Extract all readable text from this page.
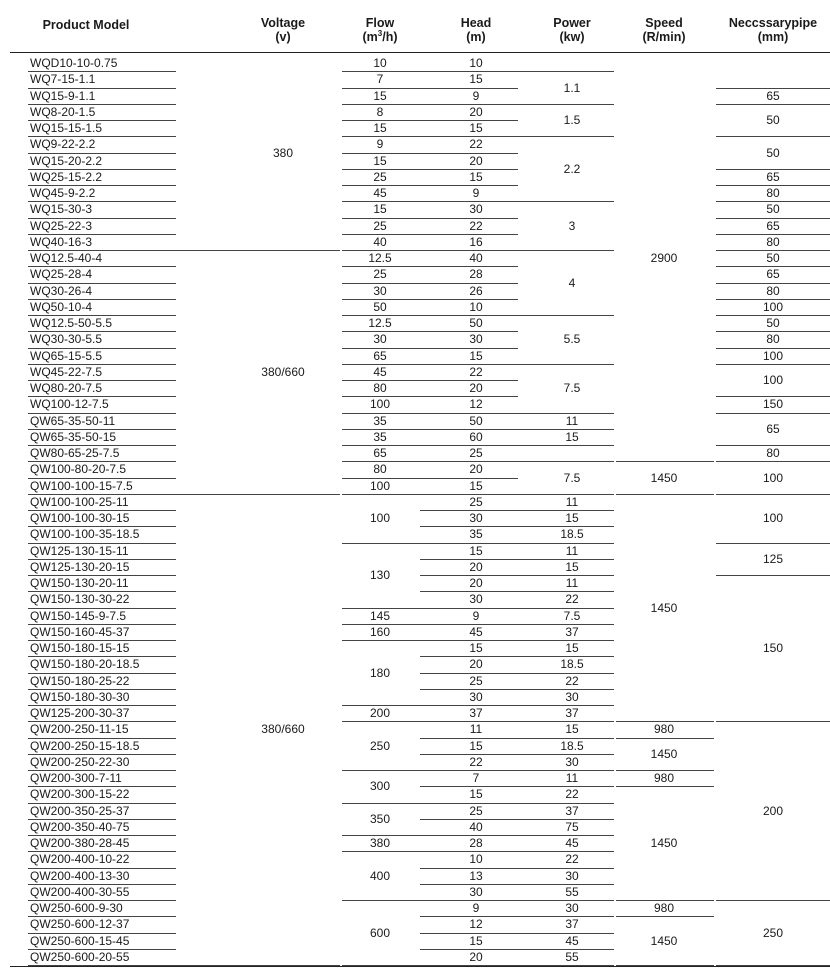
Product Model	Voltage
(v)
Flow
$(m^3/h)$
Head
(m)
Power
(kw)
Speed
(R/min)
Neccssarypipe
(mm)
WQD10-10-0.75
WQ7-15-1.1
WQ15-9-1.1
WQ8-20-1.5
WQ15-15-1.5
WQ9-22-2.2
WQ15-20-2.2
WQ25-15-2.2
WQ45-9-2.2
WQ15-30-3
WQ25-22-3
WQ40-16-3
WQ12.5-40-4
WQ25-28-4
WQ30-26-4
WQ50-10-4
WQ12.5-50-5.5
WQ30-30-5.5
WQ65-15-5.5
WQ45-22-7.5
WQ80-20-7.5
WQ100-12-7.5
QW65-35-50-11
QW65-35-50-15
QW80-65-25-7.5
QW100-80-20-7.5
QW100-100-15-7.5
QW100-100-25-11
QW100-100-30-15
QW100-100-35-18.5
QW125-130-15-11
QW125-130-20-15
QW150-130-20-11
QW150-130-30-22
QW150-145-9-7.5
QW150-160-45-37
QW150-180-15-15
QW150-180-20-18.5
QW150-180-25-22
QW150-180-30-30
QW125-200-30-37
QW200-250-11-15
QW200-250-15-18.5
QW200-250-22-30
QW200-300-7-11
QW200-300-15-22
QW200-350-25-37
QW200-350-40-75
QW200-380-28-45
QW200-400-10-22
QW200-400-13-30
QW200-400-30-55
QW250-600-9-30
QW250-600-12-37
QW250-600-15-45
QW250-600-20-55
10
15
9
20
15
22
20
15
9
30
22
16
40
28
26
10
50
30
15
22
20
12
50
60
25
20
15
25
30
35
15
20
20
30
9
45
15
20
25
30
37
11
15
22
7
15
25
40
28
10
13
30
9
12
15
20
380
380/660
380/660
10
7
15
8
15
9
15
25
45
15
25
40
12.5
25
30
50
12.5
30
65
45
80
100
35
35
65
80
100
100
130
145
160
180
200
250
300
350
380
400
600
1.1
1.5
2.2
3
4
5.5
7.5
11
15
7.5
11
15
18.5
11
15
11
22
7.5
37
15
18.5
22
30
37
15
18.5
30
11
22
37
75
45
22
30
55
30
37
45
55
2900
1450
1450
980
1450
980
1450
980
1450
65
50
50
65
80
50
65
80
50
65
80
100
50
80
100
100
150
65
80
100
100
125
150
200
250
